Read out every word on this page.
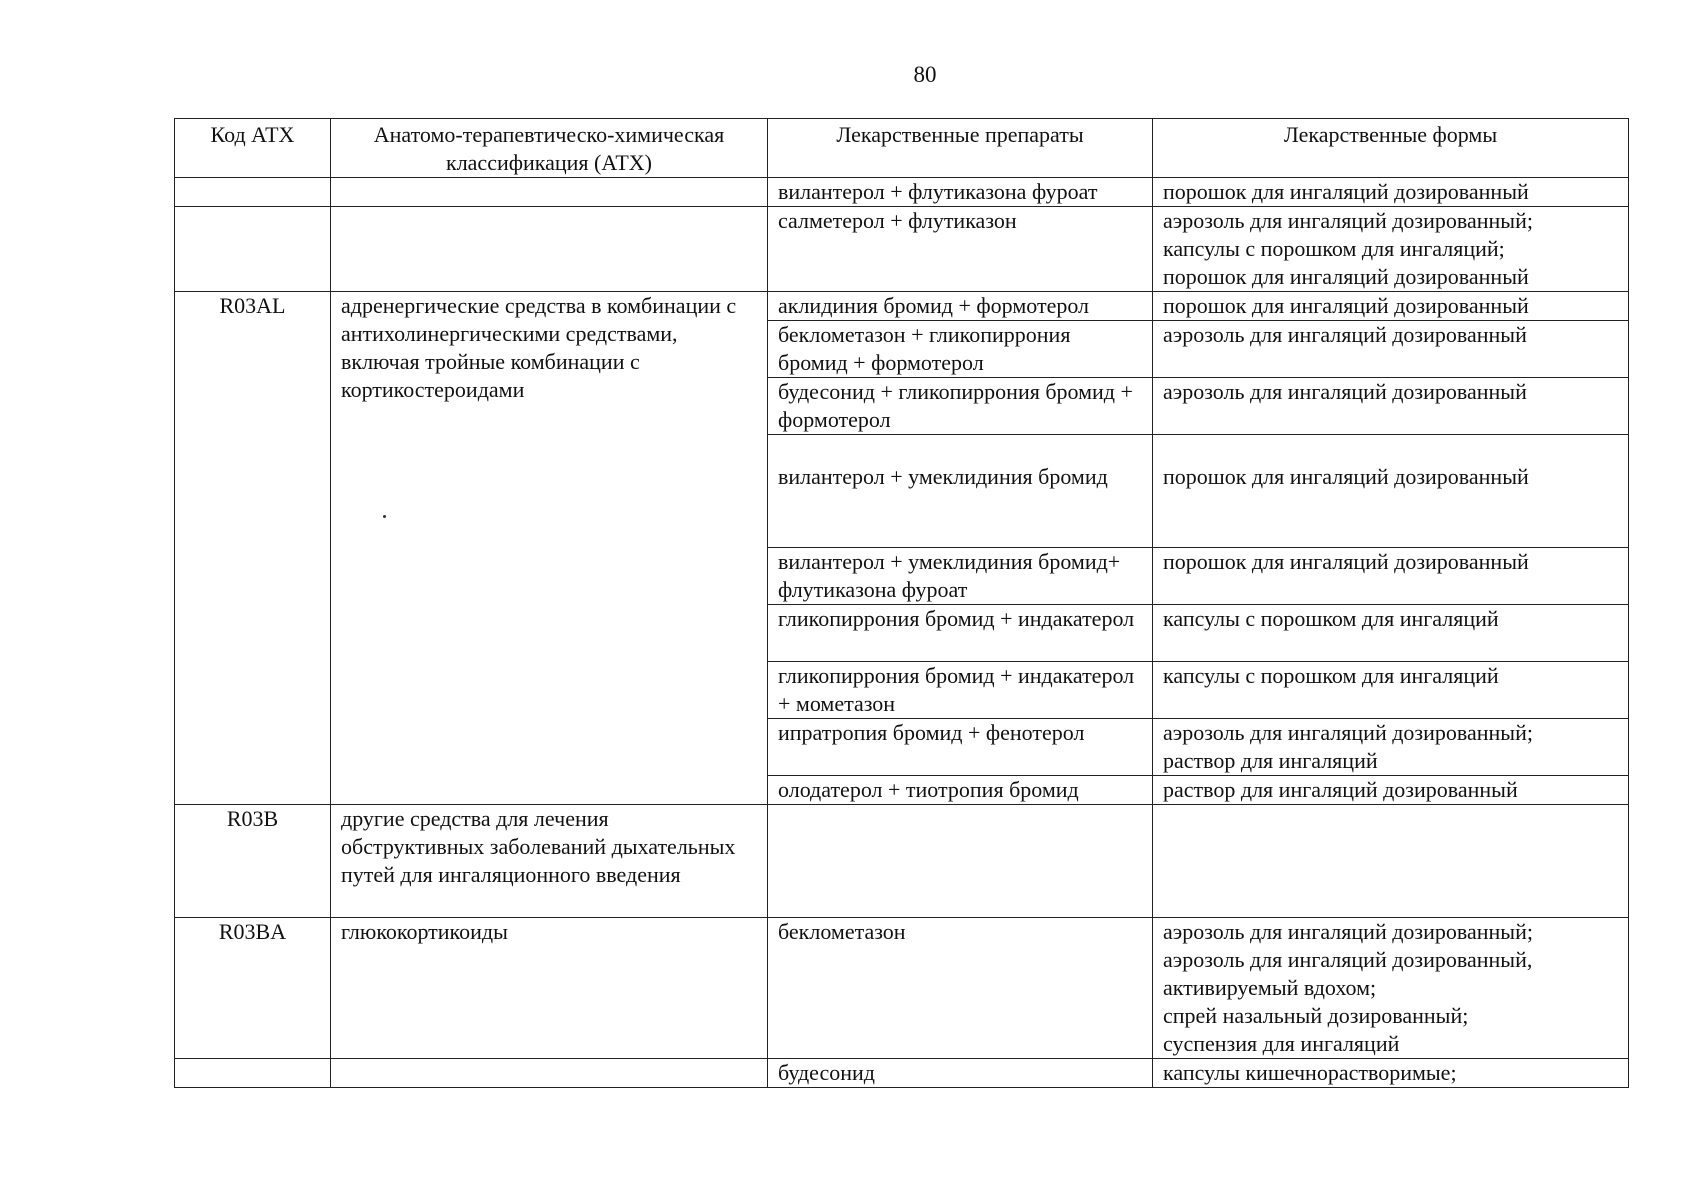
80
Код АТХ	Анатомо-терапевтическо-химическая классификация (АТХ)	Лекарственные препараты	Лекарственные формы
		вилантерол + флутиказона фуроат	порошок для ингаляций дозированный
		салметерол + флутиказон	аэрозоль для ингаляций дозированный;
капсулы с порошком для ингаляций;
порошок для ингаляций дозированный
R03AL	адренергические средства в комбинации с антихолинергическими средствами, включая тройные комбинации с кортикостероидами	аклидиния бромид + формотерол	порошок для ингаляций дозированный
		беклометазон + гликопиррония бромид + формотерол	аэрозоль для ингаляций дозированный
		будесонид + гликопиррония бромид + формотерол	аэрозоль для ингаляций дозированный
		вилантерол + умеклидиния бромид	порошок для ингаляций дозированный
		вилантерол + умеклидиния бромид+ флутиказона фуроат	порошок для ингаляций дозированный
		гликопиррония бромид + индакатерол	капсулы с порошком для ингаляций
		гликопиррония бромид + индакатерол + мометазон	капсулы с порошком для ингаляций
		ипратропия бромид + фенотерол	аэрозоль для ингаляций дозированный;
раствор для ингаляций
		олодатерол + тиотропия бромид	раствор для ингаляций дозированный
R03B	другие средства для лечения обструктивных заболеваний дыхательных путей для ингаляционного введения		
R03BA	глюкокортикоиды	беклометазон	аэрозоль для ингаляций дозированный;
аэрозоль для ингаляций дозированный, активируемый вдохом;
спрей назальный дозированный;
суспензия для ингаляций
		будесонид	капсулы кишечнорастворимые;
